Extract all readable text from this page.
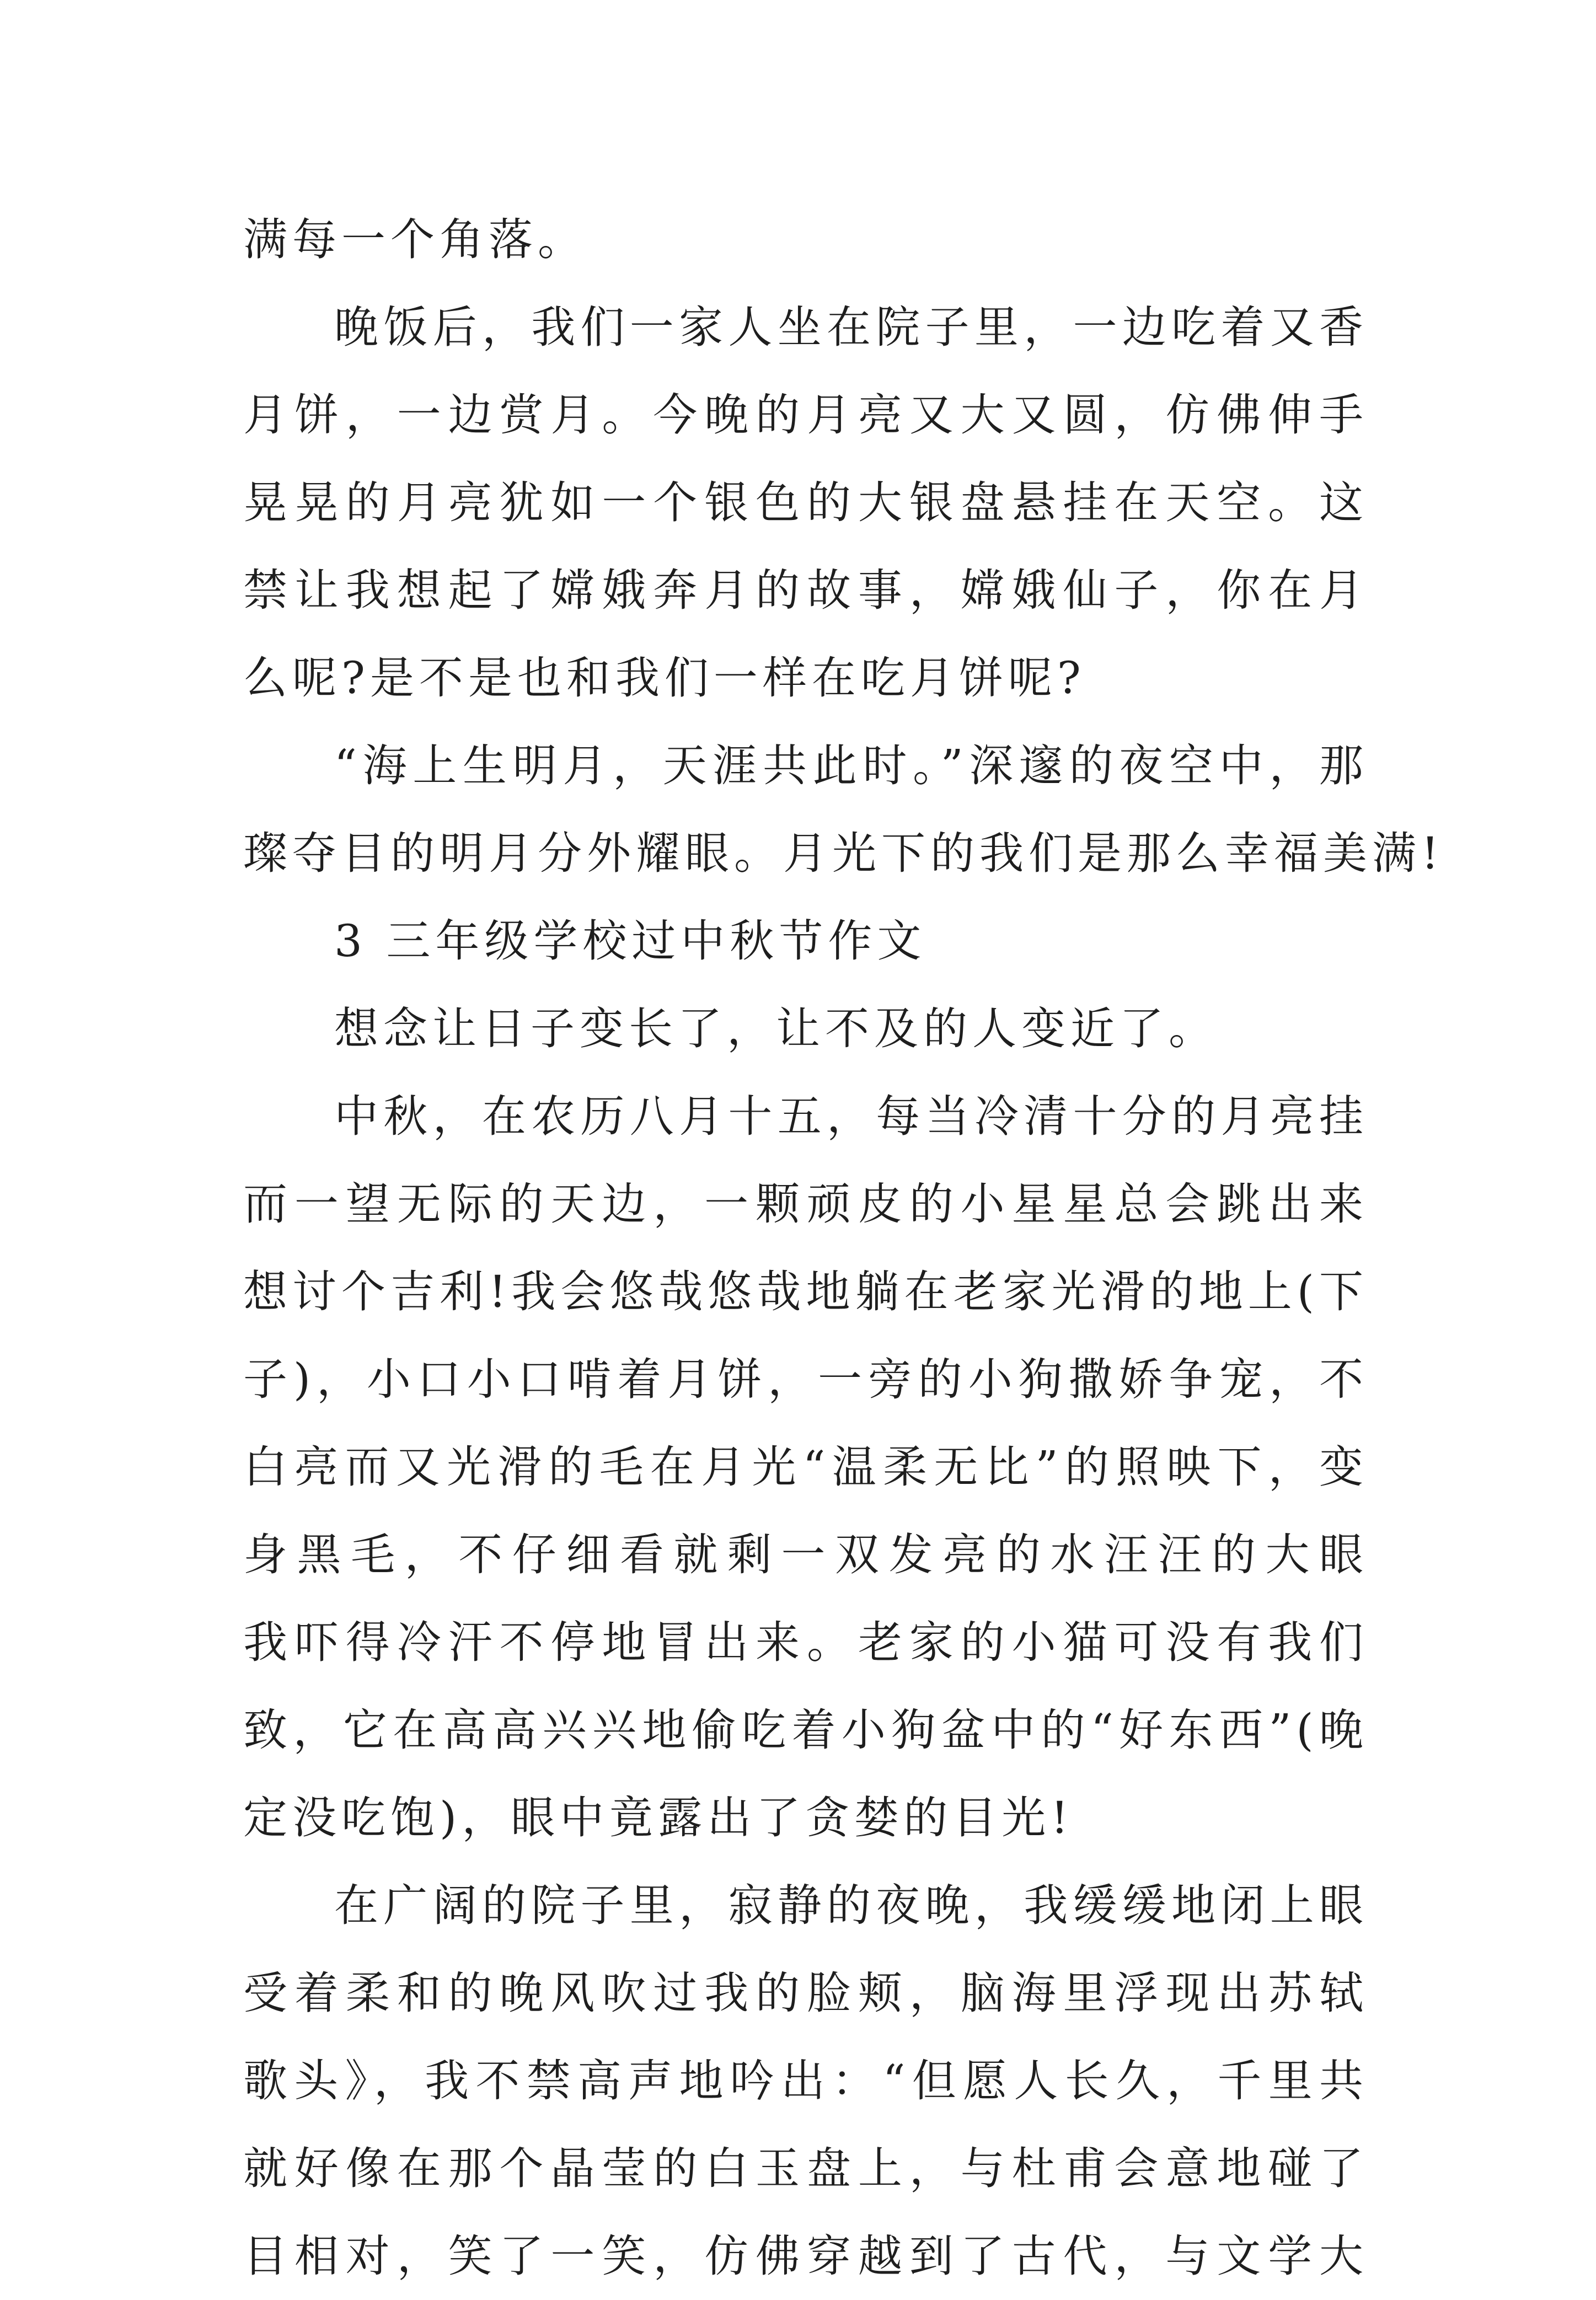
满每一个角落。
晚饭后，我们一家人坐在院子里，一边吃着又香
月饼，一边赏月。今晚的月亮又大又圆，仿佛伸手
晃晃的月亮犹如一个银色的大银盘悬挂在天空。这
禁让我想起了嫦娥奔月的故事，嫦娥仙子，你在月
么呢?是不是也和我们一样在吃月饼呢?
“海上生明月，天涯共此时。”深邃的夜空中，那
璨夺目的明月分外耀眼。月光下的我们是那么幸福美满!
3 三年级学校过中秋节作文
想念让日子变长了，让不及的人变近了。
中秋，在农历八月十五，每当冷清十分的月亮挂
而一望无际的天边，一颗顽皮的小星星总会跳出来
想讨个吉利!我会悠哉悠哉地躺在老家光滑的地上(下
子)，小口小口啃着月饼，一旁的小狗撒娇争宠，不
白亮而又光滑的毛在月光“温柔无比”的照映下，变
身黑毛，不仔细看就剩一双发亮的水汪汪的大眼
我吓得冷汗不停地冒出来。老家的小猫可没有我们
致，它在高高兴兴地偷吃着小狗盆中的“好东西”(晚
定没吃饱)，眼中竟露出了贪婪的目光!
在广阔的院子里，寂静的夜晚，我缓缓地闭上眼
受着柔和的晚风吹过我的脸颊，脑海里浮现出苏轼
歌头》，我不禁高声地吟出：“但愿人长久，千里共
就好像在那个晶莹的白玉盘上，与杜甫会意地碰了
目相对，笑了一笑，仿佛穿越到了古代，与文学大
